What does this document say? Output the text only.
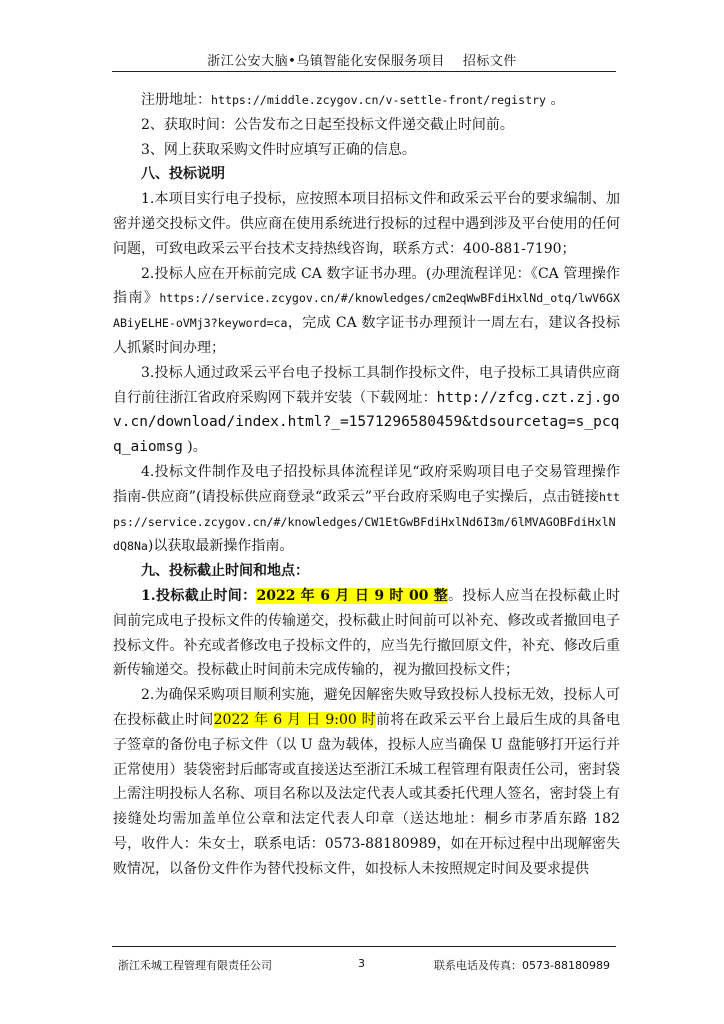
浙江公安大脑•乌镇智能化安保服务项目 招标文件

注册地址：https://middle.zcygov.cn/v-settle-front/registry 。

2、获取时间：公告发布之日起至投标文件递交截止时间前。

3、网上获取采购文件时应填写正确的信息。

八、投标说明

1.本项目实行电子投标，应按照本项目招标文件和政采云平台的要求编制、加密并递交投标文件。供应商在使用系统进行投标的过程中遇到涉及平台使用的任何问题，可致电政采云平台技术支持热线咨询，联系方式：400-881-7190；

2.投标人应在开标前完成 CA 数字证书办理。(办理流程详见：《CA 管理操作指南》https://service.zcygov.cn/#/knowledges/cm2eqWwBFdiHxlNd_otq/lwV6GXABiyELHE-oVMj3?keyword=ca，完成 CA 数字证书办理预计一周左右，建议各投标人抓紧时间办理；

3.投标人通过政采云平台电子投标工具制作投标文件，电子投标工具请供应商自行前往浙江省政府采购网下载并安装（下载网址：http://zfcg.czt.zj.gov.cn/download/index.html?_=1571296580459&tdsourcetag=s_pcqq_aiomsg )。

4.投标文件制作及电子招投标具体流程详见“政府采购项目电子交易管理操作指南-供应商”(请投标供应商登录“政采云”平台政府采购电子实操后，点击链接https://service.zcygov.cn/#/knowledges/CW1EtGwBFdiHxlNd6I3m/6lMVAGOBFdiHxlNdQ8Na)以获取最新操作指南。

九、投标截止时间和地点：

1.投标截止时间：2022 年 6 月 日 9 时 00 整。投标人应当在投标截止时间前完成电子投标文件的传输递交，投标截止时间前可以补充、修改或者撤回电子投标文件。补充或者修改电子投标文件的，应当先行撤回原文件，补充、修改后重新传输递交。投标截止时间前未完成传输的，视为撤回投标文件；

2.为确保采购项目顺利实施，避免因解密失败导致投标人投标无效，投标人可在投标截止时间2022 年 6 月 日 9:00 时前将在政采云平台上最后生成的具备电子签章的备份电子标文件（以 U 盘为载体，投标人应当确保 U 盘能够打开运行并正常使用）装袋密封后邮寄或直接送达至浙江禾城工程管理有限责任公司，密封袋上需注明投标人名称、项目名称以及法定代表人或其委托代理人签名，密封袋上有接缝处均需加盖单位公章和法定代表人印章（送达地址：桐乡市茅盾东路 182 号，收件人：朱女士，联系电话：0573-88180989，如在开标过程中出现解密失败情况，以备份文件作为替代投标文件，如投标人未按照规定时间及要求提供

浙江禾城工程管理有限责任公司	3	联系电话及传真：0573-88180989
